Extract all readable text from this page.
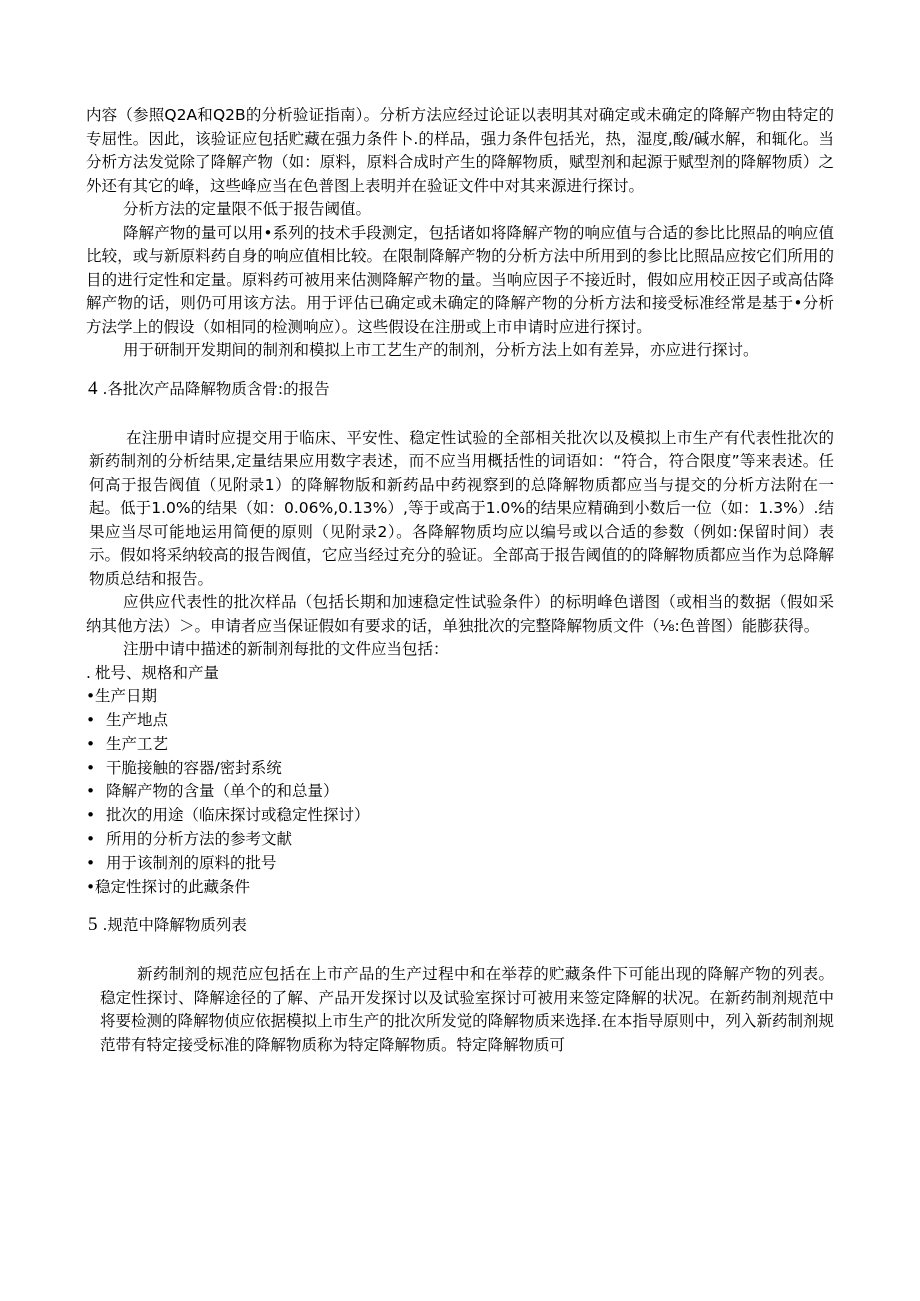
内容（参照Q2A和Q2B的分析验证指南）。分析方法应经过论证以表明其对确定或未确定的降解产物由特定的专屈性。因此，该验证应包括贮藏在强力条件卜.的样品，强力条件包括光，热，湿度,酸/碱水解，和辄化。当分析方法发觉除了降解产物（如：原料，原料合成时产生的降解物质，赋型剂和起源于赋型剂的降解物质）之外还有其它的峰，这些峰应当在色普图上表明并在验证文件中对其来源进行探讨。

分析方法的定量限不低于报告阈值。

降解产物的量可以用•系列的技术手段测定，包括诸如将降解产物的响应值与合适的参比比照品的响应值比较，或与新原料药自身的响应值相比较。在限制降解产物的分析方法中所用到的参比比照品应按它们所用的目的进行定性和定量。原料药可被用来估测降解产物的量。当响应因子不接近时，假如应用校正因子或高估降解产物的话，则仍可用该方法。用于评估已确定或未确定的降解产物的分析方法和接受标准经常是基于•分析方法学上的假设（如相同的检测响应）。这些假设在注册或上市申请时应进行探讨。

用于研制开发期间的制剂和模拟上市工艺生产的制剂，分析方法上如有差异，亦应进行探讨。

4 .各批次产品降解物质含骨:的报告

在注册申请时应提交用于临床、平安性、稳定性试验的全部相关批次以及模拟上市生产有代表性批次的新药制剂的分析结果,定量结果应用数字表述，而不应当用概括性的词语如：“符合，符合限度”等来表述。任何高于报告阀值（见附录1）的降解物版和新药品中药视察到的总降解物质都应当与提交的分析方法附在一起。低于1.0%的结果（如：0.06%,0.13%）,等于或高于1.0%的结果应精确到小数后一位（如：1.3%）.结果应当尽可能地运用简便的原则（见附录2）。各降解物质均应以编号或以合适的参数（例如:保留时间）表示。假如将采纳较高的报告阀值，它应当经过充分的验证。全部高于报告阈值的的降解物质都应当作为总降解物质总结和报告。

应供应代表性的批次样品（包括长期和加速稳定性试验条件）的标明峰色谱图（或相当的数据（假如采纳其他方法）＞。申请者应当保证假如有要求的话，单独批次的完整降解物质文件（⅛:色普图）能膨获得。

注册中请中描述的新制剂每批的文件应当包括：

. 枇号、规格和产量
•生产日期
• 生产地点
• 生产工艺
• 干脆接触的容器/密封系统
• 降解产物的含量（单个的和总量）
• 批次的用途（临床探讨或稳定性探讨）
• 所用的分析方法的参考文献
• 用于该制剂的原料的批号
•稳定性探讨的此藏条件
5 .规范中降解物质列表

新药制剂的规范应包括在上市产品的生产过程中和在举荐的贮藏条件下可能出现的降解产物的列表。稳定性探讨、降解途径的了解、产品开发探讨以及试验室探讨可被用来签定降解的状况。在新药制剂规范中将要检测的降解物侦应依据模拟上市生产的批次所发觉的降解物质来选择.在本指导原则中，列入新药制剂规范带有特定接受标准的降解物质称为特定降解物质。特定降解物质可
